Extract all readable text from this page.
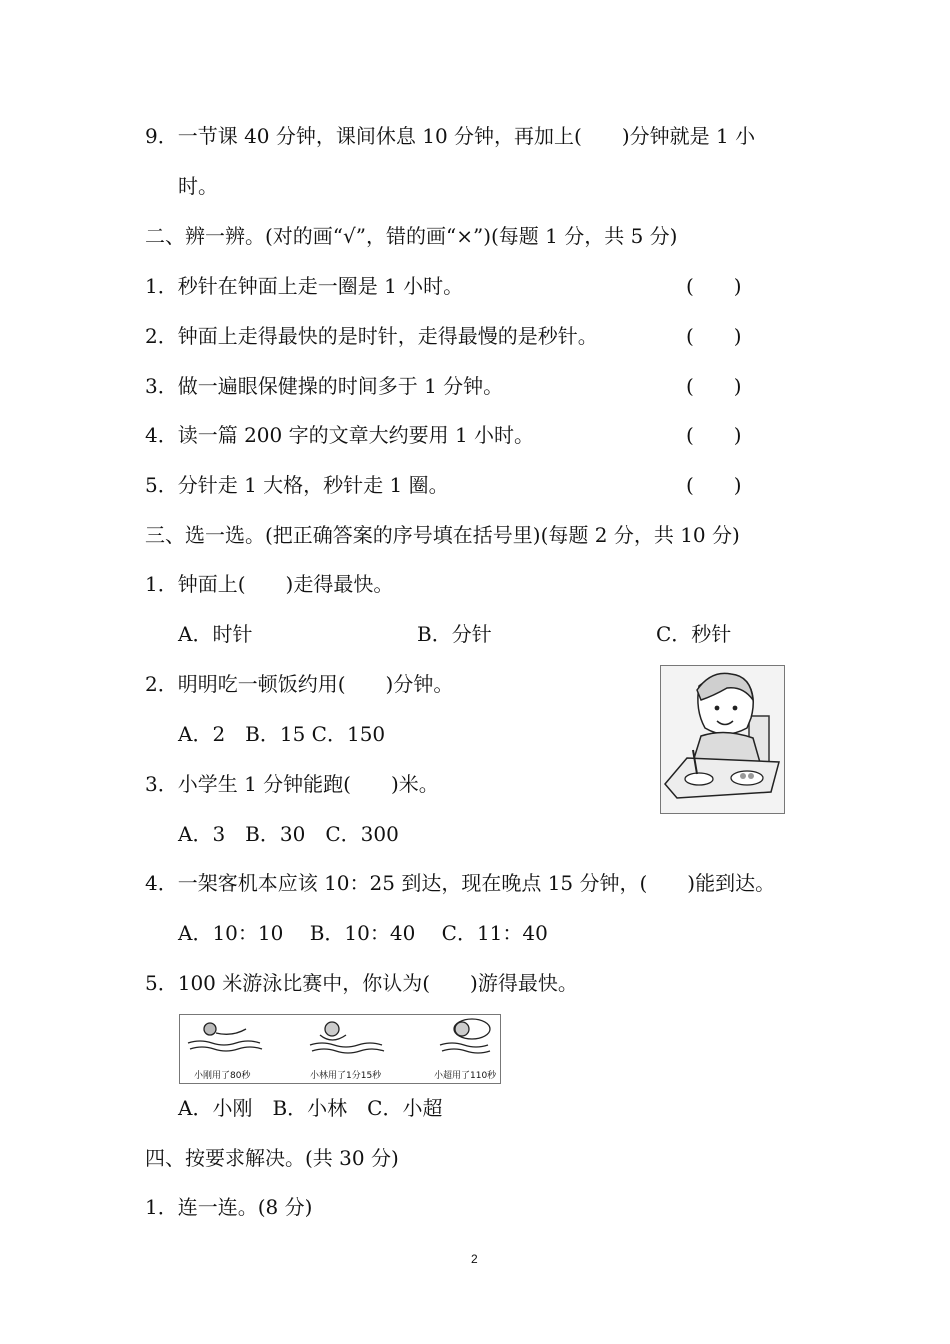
9．一节课 40 分钟，课间休息 10 分钟，再加上(　　)分钟就是 1 小
时。
二、辨一辨。(对的画“√”，错的画“×”)(每题 1 分，共 5 分)
1．秒针在钟面上走一圈是 1 小时。	(　　)
2．钟面上走得最快的是时针，走得最慢的是秒针。	(　　)
3．做一遍眼保健操的时间多于 1 分钟。	(　　)
4．读一篇 200 字的文章大约要用 1 小时。	(　　)
5．分针走 1 大格，秒针走 1 圈。	(　　)
三、选一选。(把正确答案的序号填在括号里)(每题 2 分，共 10 分)
1．钟面上(　　)走得最快。
A．时针	B．分针	C．秒针
2．明明吃一顿饭约用(　　)分钟。
A．2　B．15 C．150
3．小学生 1 分钟能跑(　　)米。
A．3　B．30　C．300
4．一架客机本应该 10：25 到达，现在晚点 15 分钟，(　　)能到达。
A．10：10　 B．10：40　 C．11：40
5．100 米游泳比赛中，你认为(　　)游得最快。
小刚用了80秒	小林用了1分15秒	小超用了110秒
A．小刚　B．小林　C．小超
四、按要求解决。(共 30 分)
1．连一连。(8 分)
2
